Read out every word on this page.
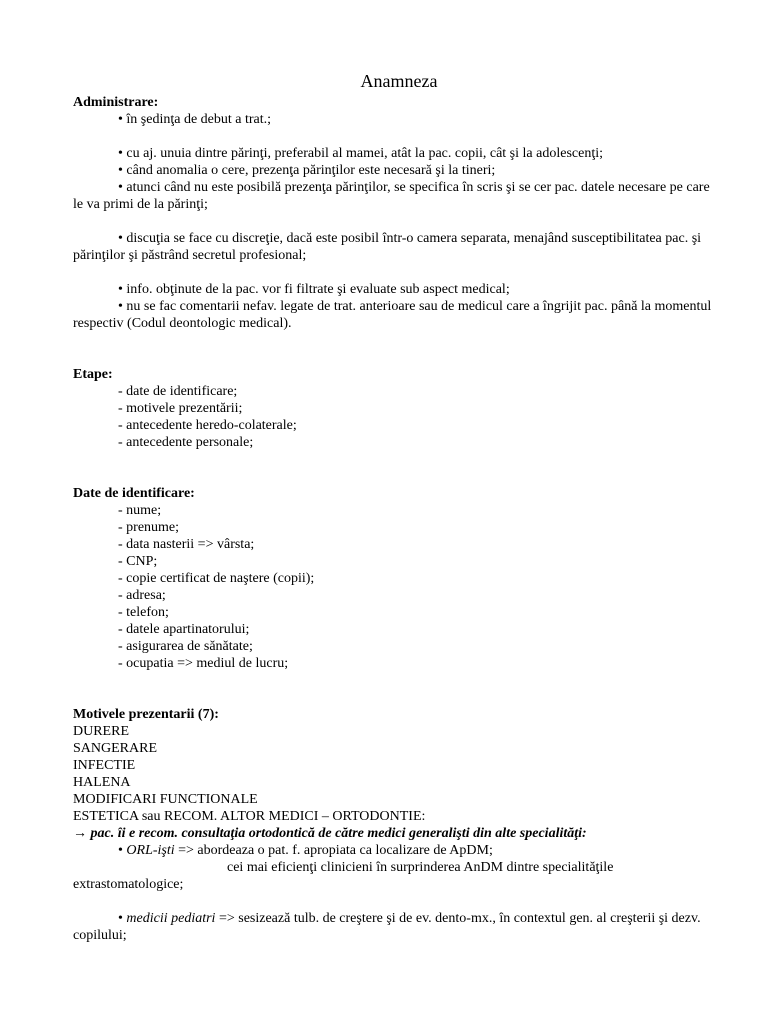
Anamneza

Administrare:

• în şedinţa de debut a trat.;

• cu aj. unuia dintre părinţi, preferabil al mamei, atât la pac. copii, cât şi la adolescenţi;

• când anomalia o cere, prezenţa părinţilor este necesară şi la tineri;

• atunci când nu este posibilă prezenţa părinţilor, se specifica în scris şi se cer pac. datele necesare pe care le va primi de la părinţi;

• discuţia se face cu discreţie, dacă este posibil într-o camera separata, menajând susceptibilitatea pac. şi părinţilor şi păstrând secretul profesional;

• info. obţinute de la pac. vor fi filtrate şi evaluate sub aspect medical;

• nu se fac comentarii nefav. legate de trat. anterioare sau de medicul care a îngrijit pac. până la momentul respectiv (Codul deontologic medical).

Etape:

- date de identificare;

- motivele prezentării;

- antecedente heredo-colaterale;

- antecedente personale;

Date de identificare:

- nume;

- prenume;

- data nasterii => vârsta;

- CNP;

- copie certificat de naştere (copii);

- adresa;

- telefon;

- datele apartinatorului;

- asigurarea de sănătate;

- ocupatia => mediul de lucru;

Motivele prezentarii (7):

DURERE

SANGERARE

INFECTIE

HALENA

MODIFICARI FUNCTIONALE

ESTETICA sau RECOM. ALTOR MEDICI – ORTODONTIE:

→ pac. îi e recom. consultaţia ortodontică de către medici generalişti din alte specialităţi:

• ORL-işti => abordeaza o pat. f. apropiata ca localizare de ApDM;

cei mai eficienţi clinicieni în surprinderea AnDM dintre specialităţile

extrastomatologice;

• medicii pediatri => sesizează tulb. de creştere şi de ev. dento-mx., în contextul gen. al creşterii şi dezv. copilului;
